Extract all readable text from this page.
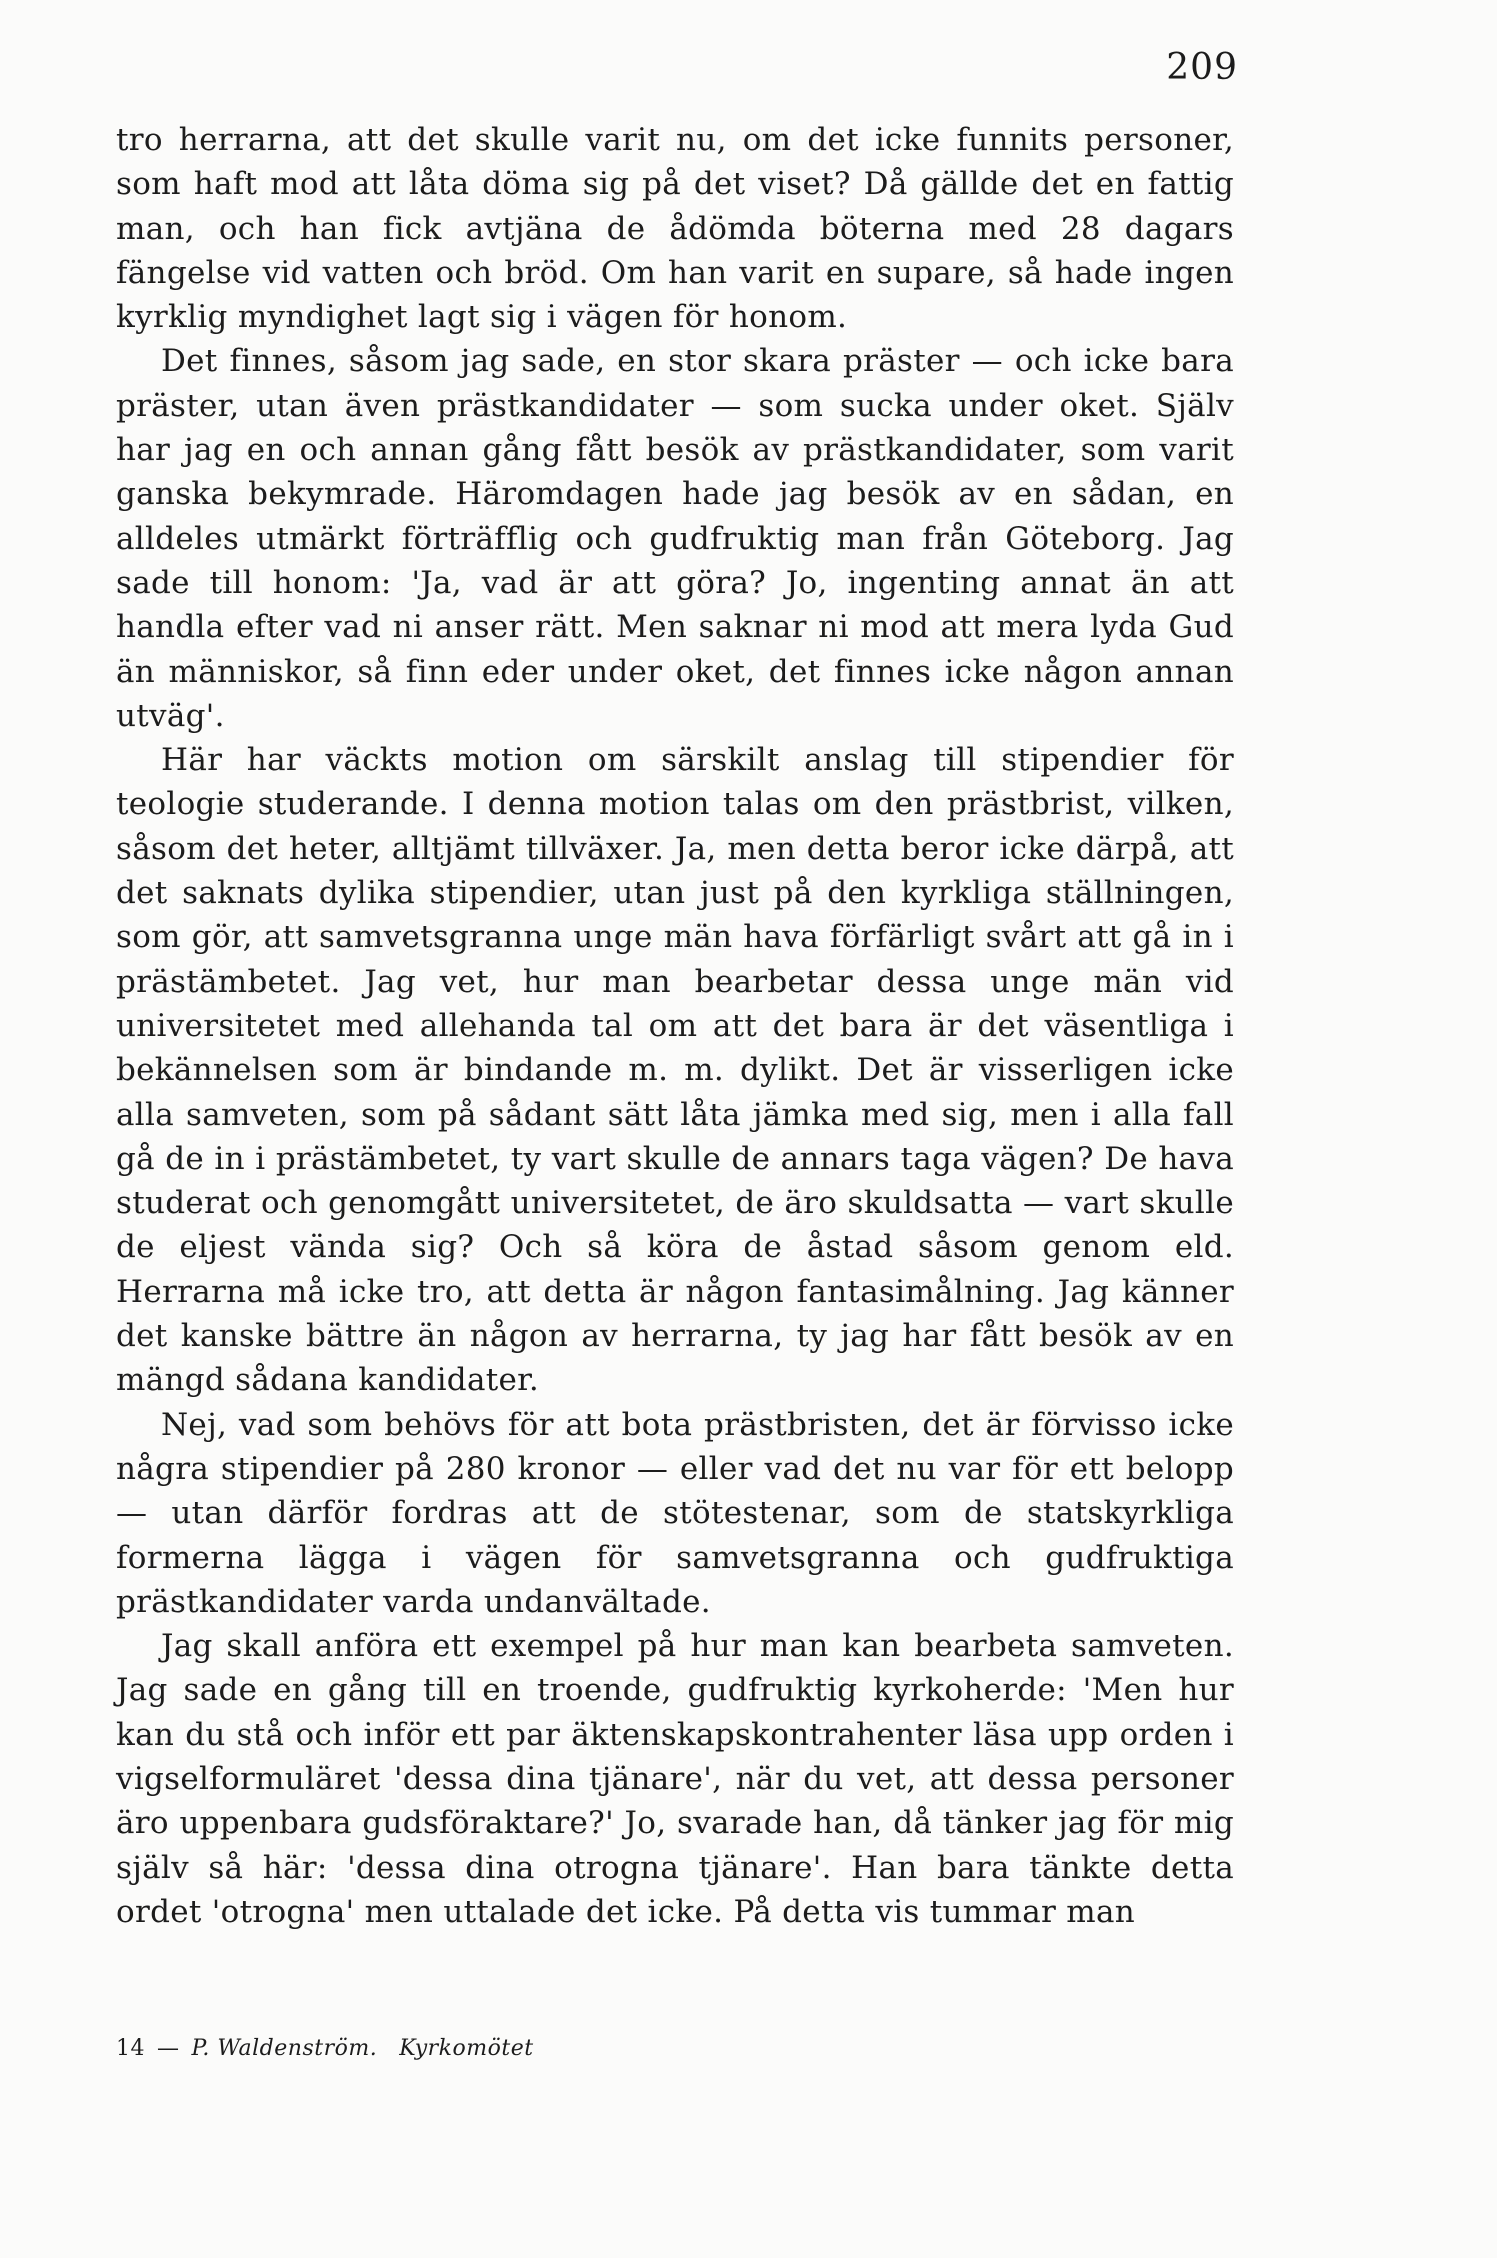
209

tro herrarna, att det skulle varit nu, om det icke funnits personer, som haft mod att låta döma sig på det viset? Då gällde det en fattig man, och han fick avtjäna de ådömda böterna med 28 dagars fängelse vid vatten och bröd. Om han varit en supare, så hade ingen kyrklig myndighet lagt sig i vägen för honom.

Det finnes, såsom jag sade, en stor skara präster — och icke bara präster, utan även prästkandidater — som sucka under oket. Själv har jag en och annan gång fått besök av prästkandidater, som varit ganska bekymrade. Häromdagen hade jag besök av en sådan, en alldeles utmärkt förträfflig och gudfruktig man från Göteborg. Jag sade till honom: 'Ja, vad är att göra? Jo, ingenting annat än att handla efter vad ni anser rätt. Men saknar ni mod att mera lyda Gud än människor, så finn eder under oket, det finnes icke någon annan utväg'.

Här har väckts motion om särskilt anslag till stipendier för teologie studerande. I denna motion talas om den prästbrist, vilken, såsom det heter, alltjämt tillväxer. Ja, men detta beror icke därpå, att det saknats dylika stipendier, utan just på den kyrkliga ställningen, som gör, att samvetsgranna unge män hava förfärligt svårt att gå in i prästämbetet. Jag vet, hur man bearbetar dessa unge män vid universitetet med allehanda tal om att det bara är det väsentliga i bekännelsen som är bindande m. m. dylikt. Det är visserligen icke alla samveten, som på sådant sätt låta jämka med sig, men i alla fall gå de in i prästämbetet, ty vart skulle de annars taga vägen? De hava studerat och genomgått universitetet, de äro skuldsatta — vart skulle de eljest vända sig? Och så köra de åstad såsom genom eld. Herrarna må icke tro, att detta är någon fantasimålning. Jag känner det kanske bättre än någon av herrarna, ty jag har fått besök av en mängd sådana kandidater.

Nej, vad som behövs för att bota prästbristen, det är förvisso icke några stipendier på 280 kronor — eller vad det nu var för ett belopp — utan därför fordras att de stötestenar, som de statskyrkliga formerna lägga i vägen för samvetsgranna och gudfruktiga prästkandidater varda undanvältade.

Jag skall anföra ett exempel på hur man kan bearbeta samveten. Jag sade en gång till en troende, gudfruktig kyrkoherde: 'Men hur kan du stå och inför ett par äktenskapskontrahenter läsa upp orden i vigselformuläret 'dessa dina tjänare', när du vet, att dessa personer äro uppenbara gudsföraktare?' Jo, svarade han, då tänker jag för mig själv så här: 'dessa dina otrogna tjänare'. Han bara tänkte detta ordet 'otrogna' men uttalade det icke. På detta vis tummar man

14 — P. Waldenström. Kyrkomötet
